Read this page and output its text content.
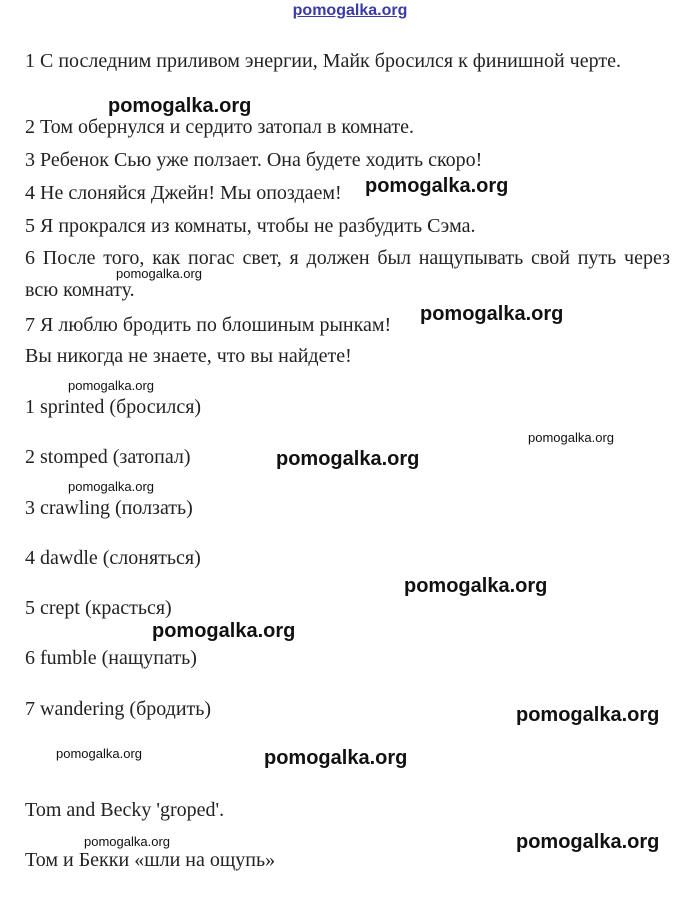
pomogalka.org

1 С последним приливом энергии, Майк бросился к финишной черте.

2 Том обернулся и сердито затопал в комнате.
3 Ребенок Сью уже ползает. Она будете ходить скоро!
4 Не слоняйся Джейн! Мы опоздаем!
5 Я прокрался из комнаты, чтобы не разбудить Сэма.

6 После того, как погас свет, я должен был нащупывать свой путь через всю комнату.

7 Я люблю бродить по блошиным рынкам!
Вы никогда не знаете, что вы найдете!
1 sprinted (бросился)
2 stomped (затопал)
3 crawling (ползать)
4 dawdle (слоняться)
5 crept (красться)
6 fumble (нащупать)
7 wandering (бродить)
Tom and Becky 'groped'.
Том и Бекки «шли на ощупь»
pomogalka.org
pomogalka.org
pomogalka.org
pomogalka.org
pomogalka.org
pomogalka.org
pomogalka.org
pomogalka.org
pomogalka.org
pomogalka.org
pomogalka.org
pomogalka.org	pomogalka.org
pomogalka.org	pomogalka.org
